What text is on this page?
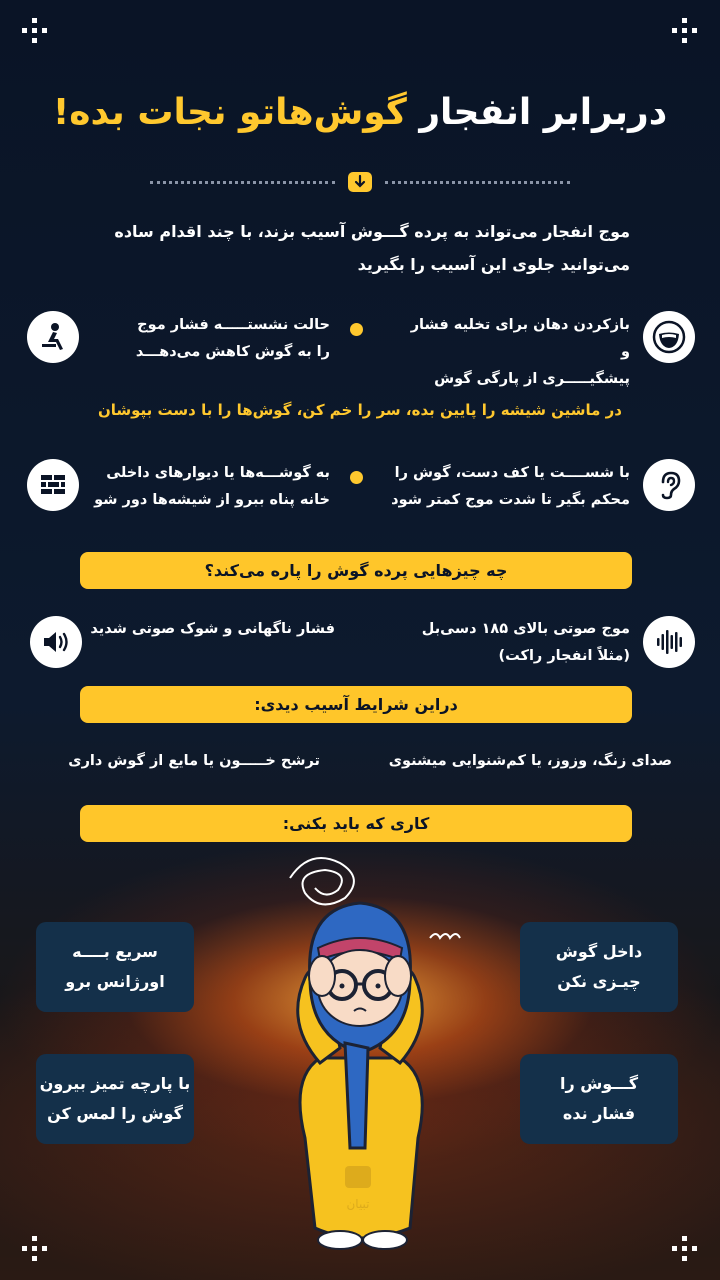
دربرابر انفجار گوش‌هاتو نجات بده!
موج انفجار می‌تواند به پرده گـــوش آسیب بزند، با چند اقدام ساده
می‌توانید جلوی این آسیب را بگیرید
بازکردن دهان برای تخلیه فشار و
پیشگیـــــری از پارگی گوش
حالت نشستـــــه فشار موج
را به گوش کاهش می‌دهـــد
در ماشین شیشه را پایین بده، سر را خم کن، گوش‌ها را با دست بپوشان
با شســــت یا کف دست، گوش را
محکم بگیر تا شدت موج کمتر شود
به گوشـــه‌ها یا دیوارهای داخلی
خانه پناه ببرو از شیشه‌ها دور شو
چه چیزهایی پرده گوش را پاره می‌کند؟
موج صوتی بالای ۱۸۵ دسی‌بل
(مثلاً انفجار راکت)
فشار ناگهانی و شوک صوتی شدید
دراین شرایط آسیب دیدی:
صدای زنگ، وزوز، یا کم‌شنوایی میشنوی
ترشح خـــــون یا مایع از گوش داری
کاری که باید بکنی:
داخل گوش
چیـزی نکن
سریع بــــه
اورژانس برو
گـــوش را
فشار نده
با پارچه تمیز بیرون
گوش را لمس کن
تبیان
